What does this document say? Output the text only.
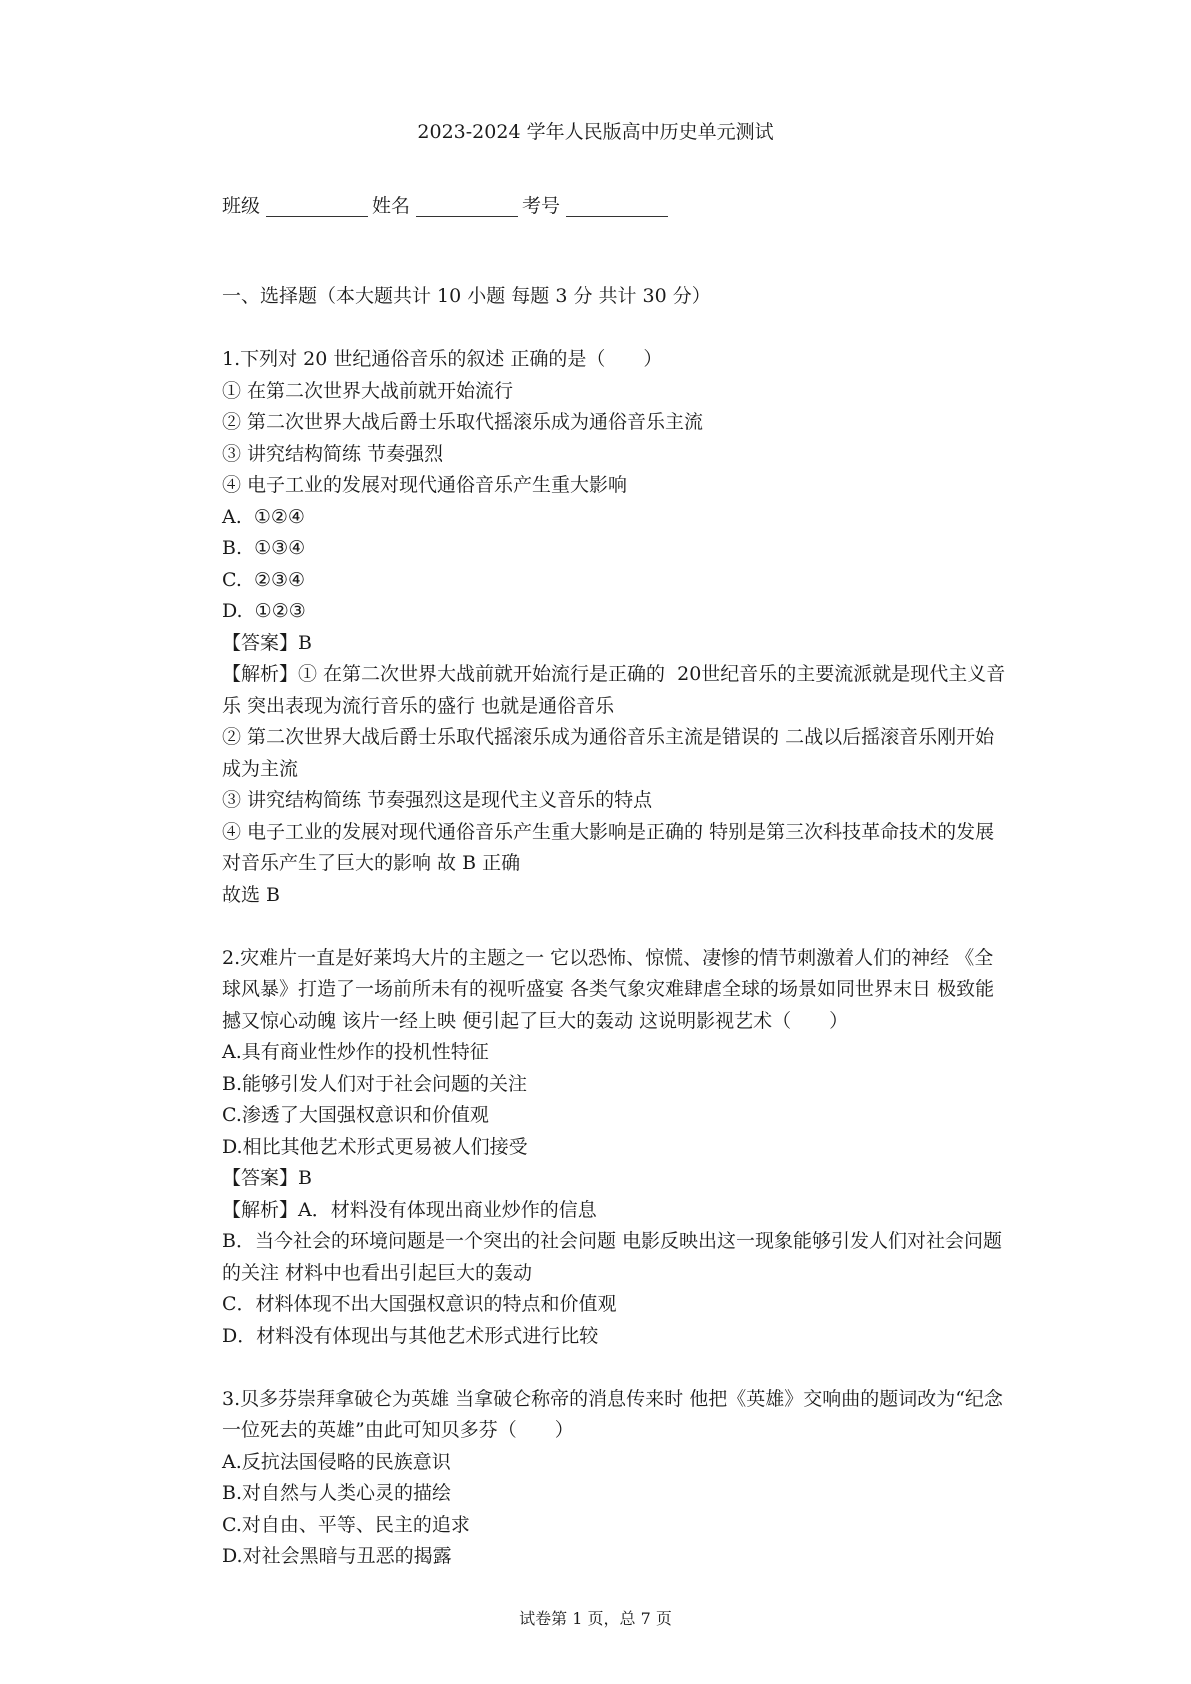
2023-2024 学年人民版高中历史单元测试
班级	姓名	考号
一、选择题（本大题共计 10 小题 每题 3 分 共计 30 分）
1.下列对 20 世纪通俗音乐的叙述 正确的是（　　）
① 在第二次世界大战前就开始流行
② 第二次世界大战后爵士乐取代摇滚乐成为通俗音乐主流
③ 讲究结构简练 节奏强烈
④ 电子工业的发展对现代通俗音乐产生重大影响
A.  ①②④
B.  ①③④
C.  ②③④
D.  ①②③
【答案】B
【解析】① 在第二次世界大战前就开始流行是正确的  20世纪音乐的主要流派就是现代主义音乐 突出表现为流行音乐的盛行 也就是通俗音乐
② 第二次世界大战后爵士乐取代摇滚乐成为通俗音乐主流是错误的 二战以后摇滚音乐刚开始成为主流
③ 讲究结构简练 节奏强烈这是现代主义音乐的特点
④ 电子工业的发展对现代通俗音乐产生重大影响是正确的 特别是第三次科技革命技术的发展 对音乐产生了巨大的影响 故 B 正确
故选 B
2.灾难片一直是好莱坞大片的主题之一 它以恐怖、惊慌、凄惨的情节刺激着人们的神经 《全球风暴》打造了一场前所未有的视听盛宴 各类气象灾难肆虐全球的场景如同世界末日 极致能撼又惊心动魄 该片一经上映 便引起了巨大的轰动 这说明影视艺术（　　）
A.具有商业性炒作的投机性特征
B.能够引发人们对于社会问题的关注
C.渗透了大国强权意识和价值观
D.相比其他艺术形式更易被人们接受
【答案】B
【解析】A．材料没有体现出商业炒作的信息
B．当今社会的环境问题是一个突出的社会问题 电影反映出这一现象能够引发人们对社会问题的关注 材料中也看出引起巨大的轰动
C．材料体现不出大国强权意识的特点和价值观
D．材料没有体现出与其他艺术形式进行比较
3.贝多芬崇拜拿破仑为英雄 当拿破仑称帝的消息传来时 他把《英雄》交响曲的题词改为“纪念一位死去的英雄”由此可知贝多芬（　　）
A.反抗法国侵略的民族意识
B.对自然与人类心灵的描绘
C.对自由、平等、民主的追求
D.对社会黑暗与丑恶的揭露
试卷第 1 页，总 7 页
